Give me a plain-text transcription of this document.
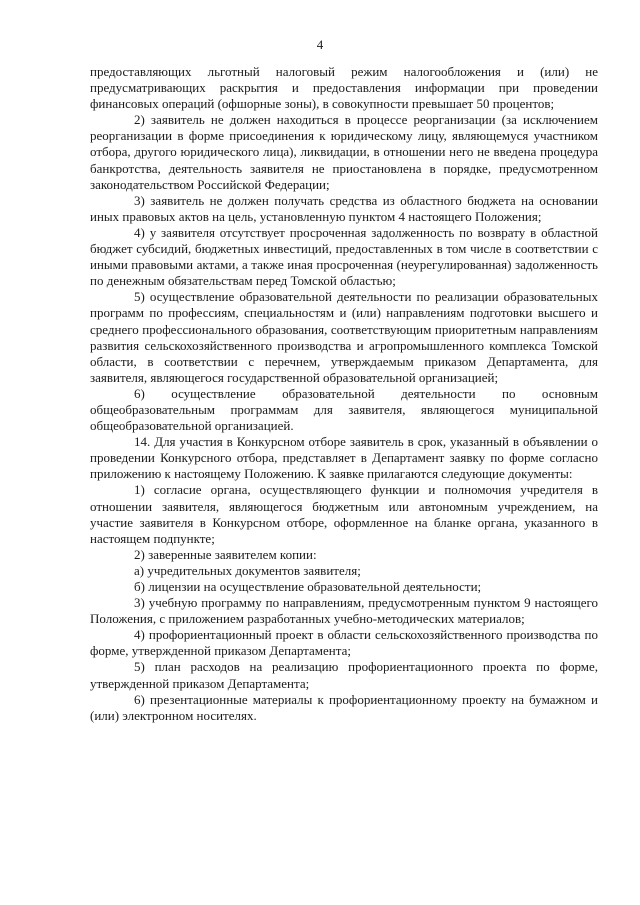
4

предоставляющих льготный налоговый режим налогообложения и (или) не предусматривающих раскрытия и предоставления информации при проведении финансовых операций (офшорные зоны), в совокупности превышает 50 процентов;

2) заявитель не должен находиться в процессе реорганизации (за исключением реорганизации в форме присоединения к юридическому лицу, являющемуся участником отбора, другого юридического лица), ликвидации, в отношении него не введена процедура банкротства, деятельность заявителя не приостановлена в порядке, предусмотренном законодательством Российской Федерации;

3) заявитель не должен получать средства из областного бюджета на основании иных правовых актов на цель, установленную пунктом 4 настоящего Положения;

4) у заявителя отсутствует просроченная задолженность по возврату в областной бюджет субсидий, бюджетных инвестиций, предоставленных в том числе в соответствии с иными правовыми актами, а также иная просроченная (неурегулированная) задолженность по денежным обязательствам перед Томской областью;

5) осуществление образовательной деятельности по реализации образовательных программ по профессиям, специальностям и (или) направлениям подготовки высшего и среднего профессионального образования, соответствующим приоритетным направлениям развития сельскохозяйственного производства и агропромышленного комплекса Томской области, в соответствии с перечнем, утверждаемым приказом Департамента, для заявителя, являющегося государственной образовательной организацией;

6) осуществление образовательной деятельности по основным общеобразовательным программам для заявителя, являющегося муниципальной общеобразовательной организацией.

14. Для участия в Конкурсном отборе заявитель в срок, указанный в объявлении о проведении Конкурсного отбора, представляет в Департамент заявку по форме согласно приложению к настоящему Положению. К заявке прилагаются следующие документы:

1) согласие органа, осуществляющего функции и полномочия учредителя в отношении заявителя, являющегося бюджетным или автономным учреждением, на участие заявителя в Конкурсном отборе, оформленное на бланке органа, указанного в настоящем подпункте;

2) заверенные заявителем копии:

а) учредительных документов заявителя;

б) лицензии на осуществление образовательной деятельности;

3) учебную программу по направлениям, предусмотренным пунктом 9 настоящего Положения, с приложением разработанных учебно-методических материалов;

4) профориентационный проект в области сельскохозяйственного производства по форме, утвержденной приказом Департамента;

5) план расходов на реализацию профориентационного проекта по форме, утвержденной приказом Департамента;

6) презентационные материалы к профориентационному проекту на бумажном и (или) электронном носителях.
